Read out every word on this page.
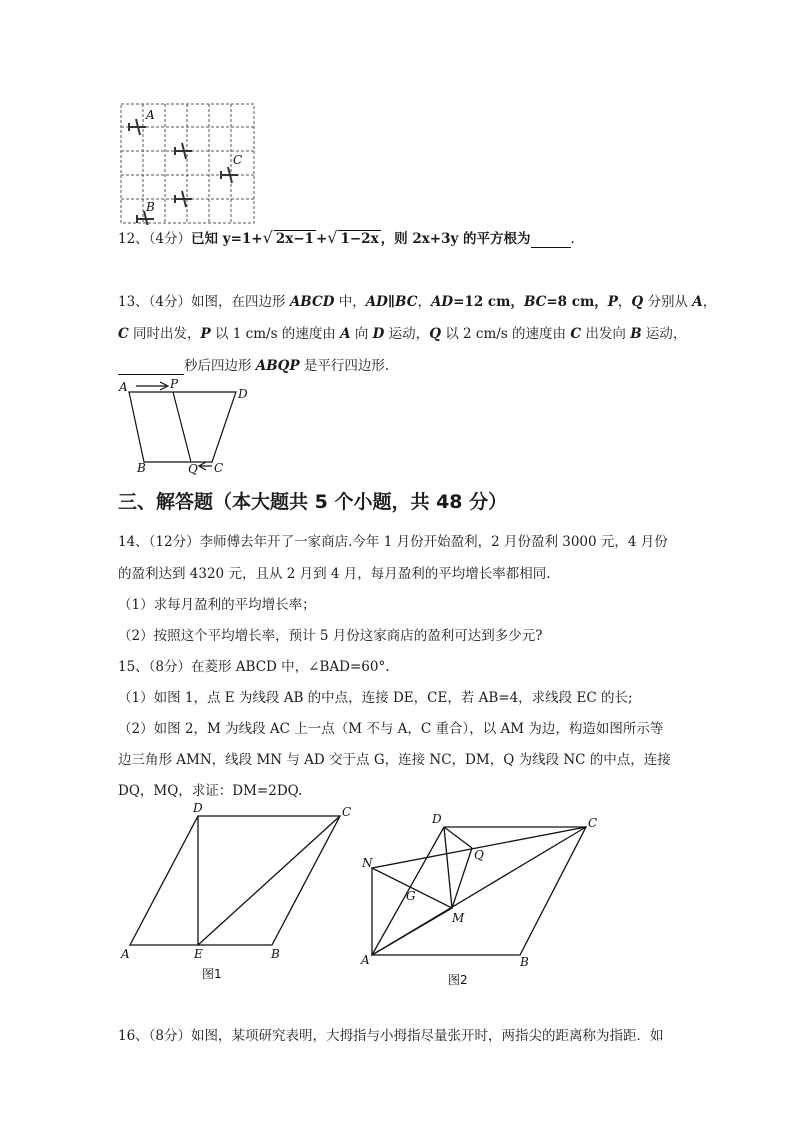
A
C
B
12、（4分）已知 y=1+√ 2x−1 +√ 1−2x ，则 2x+3y 的平方根为	.
13、（4分）如图，在四边形 ABCD 中，AD∥BC，AD=12 cm，BC=8 cm，P，Q 分别从 A，
C 同时出发，P 以 1 cm/s 的速度由 A 向 D 运动，Q 以 2 cm/s 的速度由 C 出发向 B 运动，
秒后四边形 ABQP 是平行四边形.
A	P
D
B	Q C
三、解答题（本大题共 5 个小题，共 48 分）
14、（12分）李师傅去年开了一家商店.今年 1 月份开始盈利，2 月份盈利 3000 元，4 月份
的盈利达到 4320 元，且从 2 月到 4 月，每月盈利的平均增长率都相同.
（1）求每月盈利的平均增长率；
（2）按照这个平均增长率，预计 5 月份这家商店的盈利可达到多少元?
15、（8分）在菱形 ABCD 中，∠BAD=60°.
（1）如图 1，点 E 为线段 AB 的中点，连接 DE，CE，若 AB=4，求线段 EC 的长;
（2）如图 2，M 为线段 AC 上一点（M 不与 A，C 重合），以 AM 为边，构造如图所示等
边三角形 AMN，线段 MN 与 AD 交于点 G，连接 NC，DM，Q 为线段 NC 的中点，连接
DQ，MQ，求证：DM=2DQ.
D	C
A	E	B
图1
D	C
N
Q
G
M
A	B
图2
16、（8分）如图，某项研究表明，大拇指与小拇指尽量张开时，两指尖的距离称为指距．如
